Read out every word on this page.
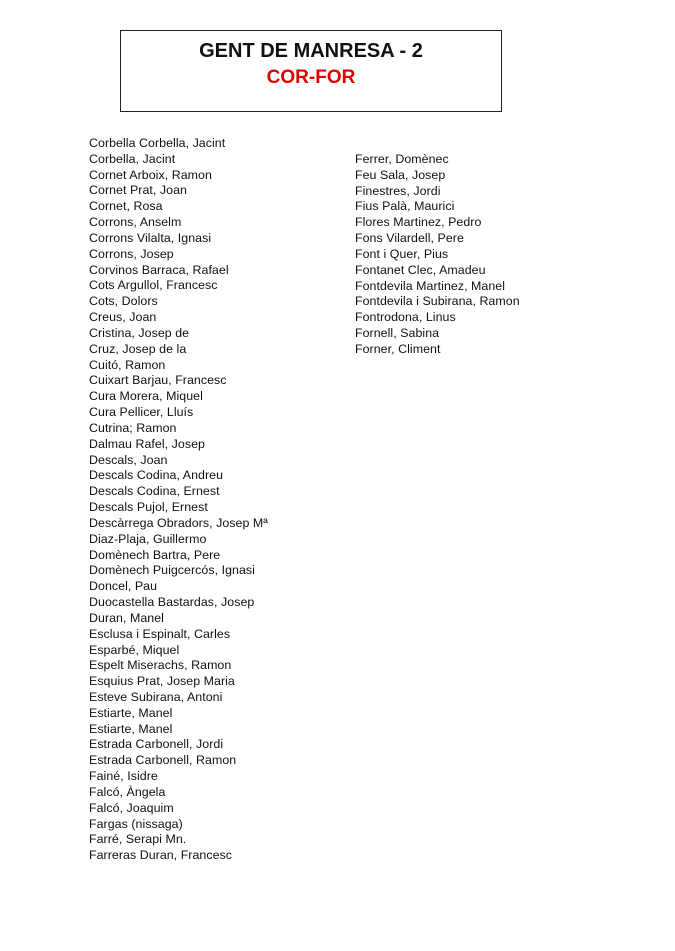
GENT DE MANRESA - 2
COR-FOR
Corbella Corbella, Jacint
Corbella, Jacint
Cornet Arboix, Ramon
Cornet Prat, Joan
Cornet, Rosa
Corrons, Anselm
Corrons Vilalta, Ignasi
Corrons, Josep
Corvinos Barraca, Rafael
Cots Argullol, Francesc
Cots, Dolors
Creus, Joan
Cristina, Josep de
Cruz, Josep de la
Cuitó, Ramon
Cuixart Barjau, Francesc
Cura Morera, Miquel
Cura Pellicer, Lluís
Cutrina; Ramon
Dalmau Rafel, Josep
Descals, Joan
Descals Codina, Andreu
Descals Codina, Ernest
Descals Pujol, Ernest
Descàrrega Obradors, Josep Mª
Diaz-Plaja, Guillermo
Domènech Bartra, Pere
Domènech Puigcercós, Ignasi
Doncel, Pau
Duocastella Bastardas, Josep
Duran, Manel
Esclusa i Espinalt, Carles
Esparbé, Miquel
Espelt Miserachs, Ramon
Esquius Prat, Josep Maria
Esteve Subirana, Antoni
Estiarte, Manel
Estiarte, Manel
Estrada Carbonell, Jordi
Estrada Carbonell, Ramon
Fainé, Isidre
Falcó, Àngela
Falcó, Joaquim
Fargas (nissaga)
Farré, Serapi Mn.
Farreras Duran, Francesc
Ferrer, Domènec
Feu Sala, Josep
Finestres, Jordi
Fius Palà, Maurici
Flores Martinez, Pedro
Fons Vilardell, Pere
Font i Quer, Pius
Fontanet Clec, Amadeu
Fontdevila Martinez, Manel
Fontdevila i Subirana, Ramon
Fontrodona, Linus
Fornell, Sabina
Forner, Climent
